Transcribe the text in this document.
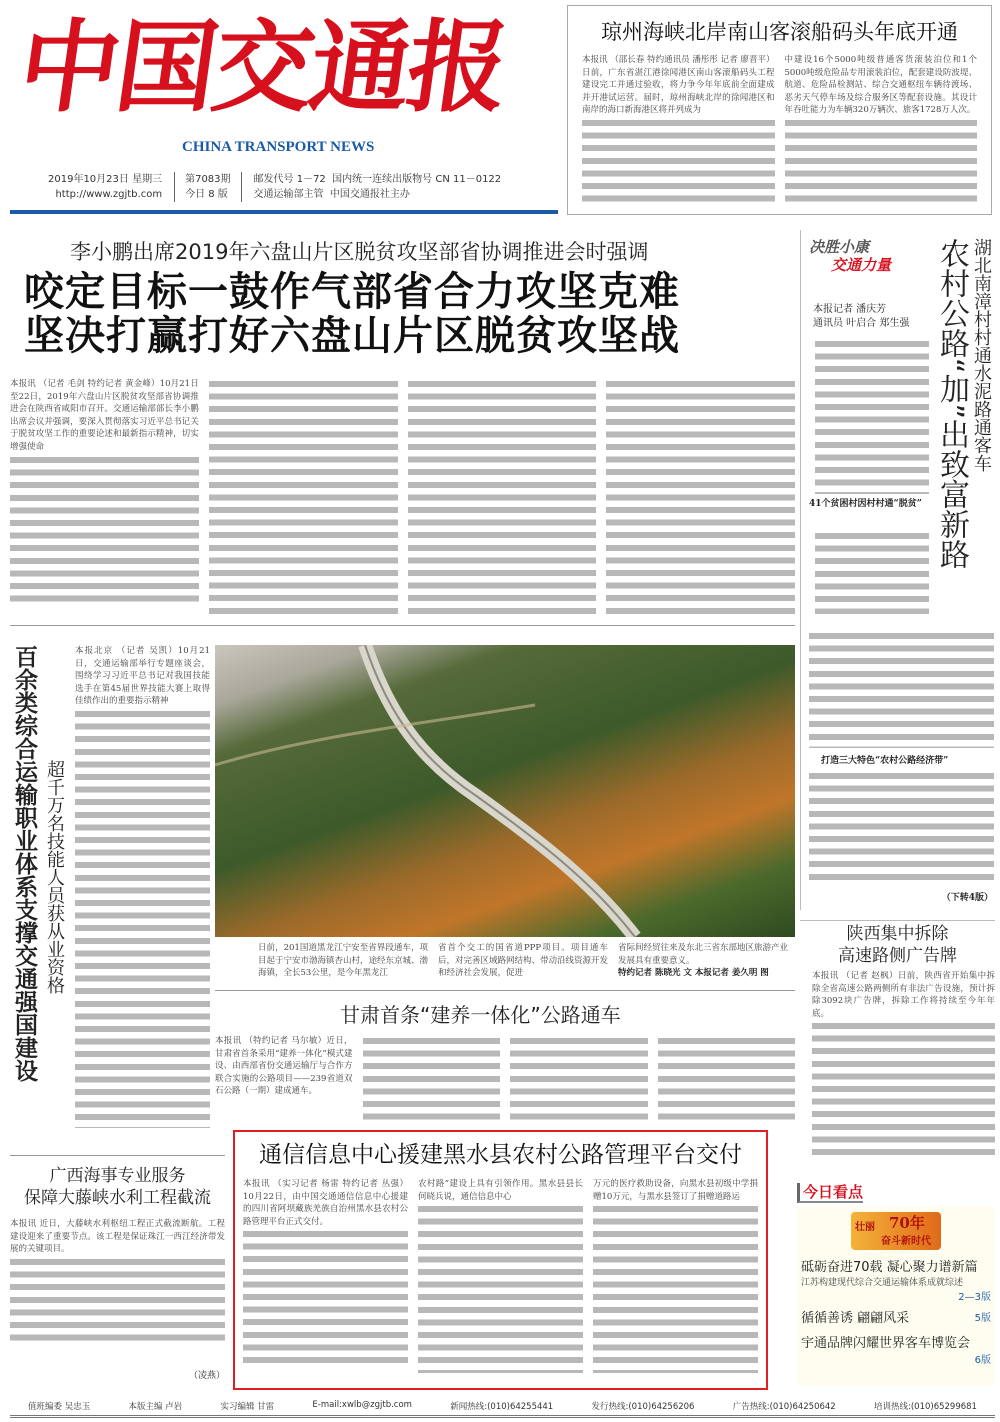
中国交通报
CHINA TRANSPORT NEWS
2019年10月23日 星期三
http://www.zgjtb.com
第7083期
今日 8 版
邮发代号 1－72 国内统一连续出版物号 CN 11－0122
交通运输部主管 中国交通报社主办
琼州海峡北岸南山客滚船码头年底开通
本报讯 （邵长春 特约通讯员 潘彤彤 记者 廖晋平）日前，广东省湛江港徐闻港区南山客滚船码头工程建设完工并通过验收，将力争今年年底前全面建成并开港试运营。届时，琼州海峡北岸的徐闻港区和南岸的海口新海港区将并列成为
中建设16个5000吨级普通客货滚装泊位和1个5000吨级危险品专用滚装泊位，配套建设防波堤、航道、危险品检测站、综合交通枢纽车辆待渡场、恶劣天气停车场及综合服务区等配套设施。其设计年吞吐能力为车辆320万辆次、旅客1728万人次。
李小鹏出席2019年六盘山片区脱贫攻坚部省协调推进会时强调
咬定目标一鼓作气部省合力攻坚克难
坚决打赢打好六盘山片区脱贫攻坚战
本报讯 （记者 毛剑 特约记者 黄金峰）10月21日至22日，2019年六盘山片区脱贫攻坚部省协调推进会在陕西省咸阳市召开。交通运输部部长李小鹏出席会议并强调，要深入贯彻落实习近平总书记关于脱贫攻坚工作的重要论述和最新指示精神，切实增强使命
决胜小康
交通力量 农村公路“加”出致富新路 湖北南漳村村通水泥路通客车
本报记者 潘庆芳
通讯员 叶启合 郑生强
41个贫困村因村村通“脱贫”
打造三大特色“农村公路经济带”
（下转4版）
百余类综合运输职业体系支撑交通强国建设 超千万名技能人员获从业资格
本报北京 （记者 吴凯）10月21日，交通运输部举行专题座谈会，围绕学习习近平总书记对我国技能选手在第45届世界技能大赛上取得佳绩作出的重要指示精神
日前，201国道黑龙江宁安至省界段通车，项目起于宁安市渤海镇杏山村，途经东京城、渤海镇，全长53公里，是今年黑龙江
省首个交工的国省道PPP项目。项目通车后，对完善区域路网结构、带动沿线资源开发和经济社会发展，促进
省际间经贸往来及东北三省东部地区旅游产业发展具有重要意义。
特约记者 陈晓光 文 本报记者 姜久明 图
甘肃首条“建养一体化”公路通车
本报讯 （特约记者 马尔敏）近日，甘肃省首条采用“建养一体化”模式建设、由西部省份交通运输厅与合作方联合实施的公路项目——239省道双石公路（一期）建成通车。
陕西集中拆除
高速路侧广告牌
本报讯 （记者 赵枫）日前，陕西省开始集中拆除全省高速公路两侧所有非法广告设施，预计拆除3092块广告牌，拆除工作将持续至今年年底。
广西海事专业服务
保障大藤峡水利工程截流
本报讯 近日，大藤峡水利枢纽工程正式截流断航。工程建设迎来了重要节点。该工程是保证珠江一西江经济带发展的关键项目。
（凌燕）
通信信息中心援建黑水县农村公路管理平台交付
本报讯 （实习记者 杨雷 特约记者 丛强）10月22日，由中国交通通信信息中心援建的四川省阿坝藏族羌族自治州黑水县农村公路管理平台正式交付。
农村路”建设上具有引领作用。黑水县县长何晓兵说，通信信息中心
万元的医疗救助设备，向黑水县初级中学捐赠10万元，与黑水县签订了捐赠道路运	今日看点
壮丽 70年
奋斗新时代
砥砺奋进70载 凝心聚力谱新篇
江苏构建现代综合交通运输体系成就综述
2—3版
循循善诱 翩翩风采	5版
宇通品牌闪耀世界客车博览会
6版
值班编委 吴忠玉	本版主编 卢岩	实习编辑 甘雷	E-mail:xwlb@zgjtb.com	新闻热线:(010)64255441	发行热线:(010)64256206	广告热线:(010)64250642	培训热线:(010)65299681
